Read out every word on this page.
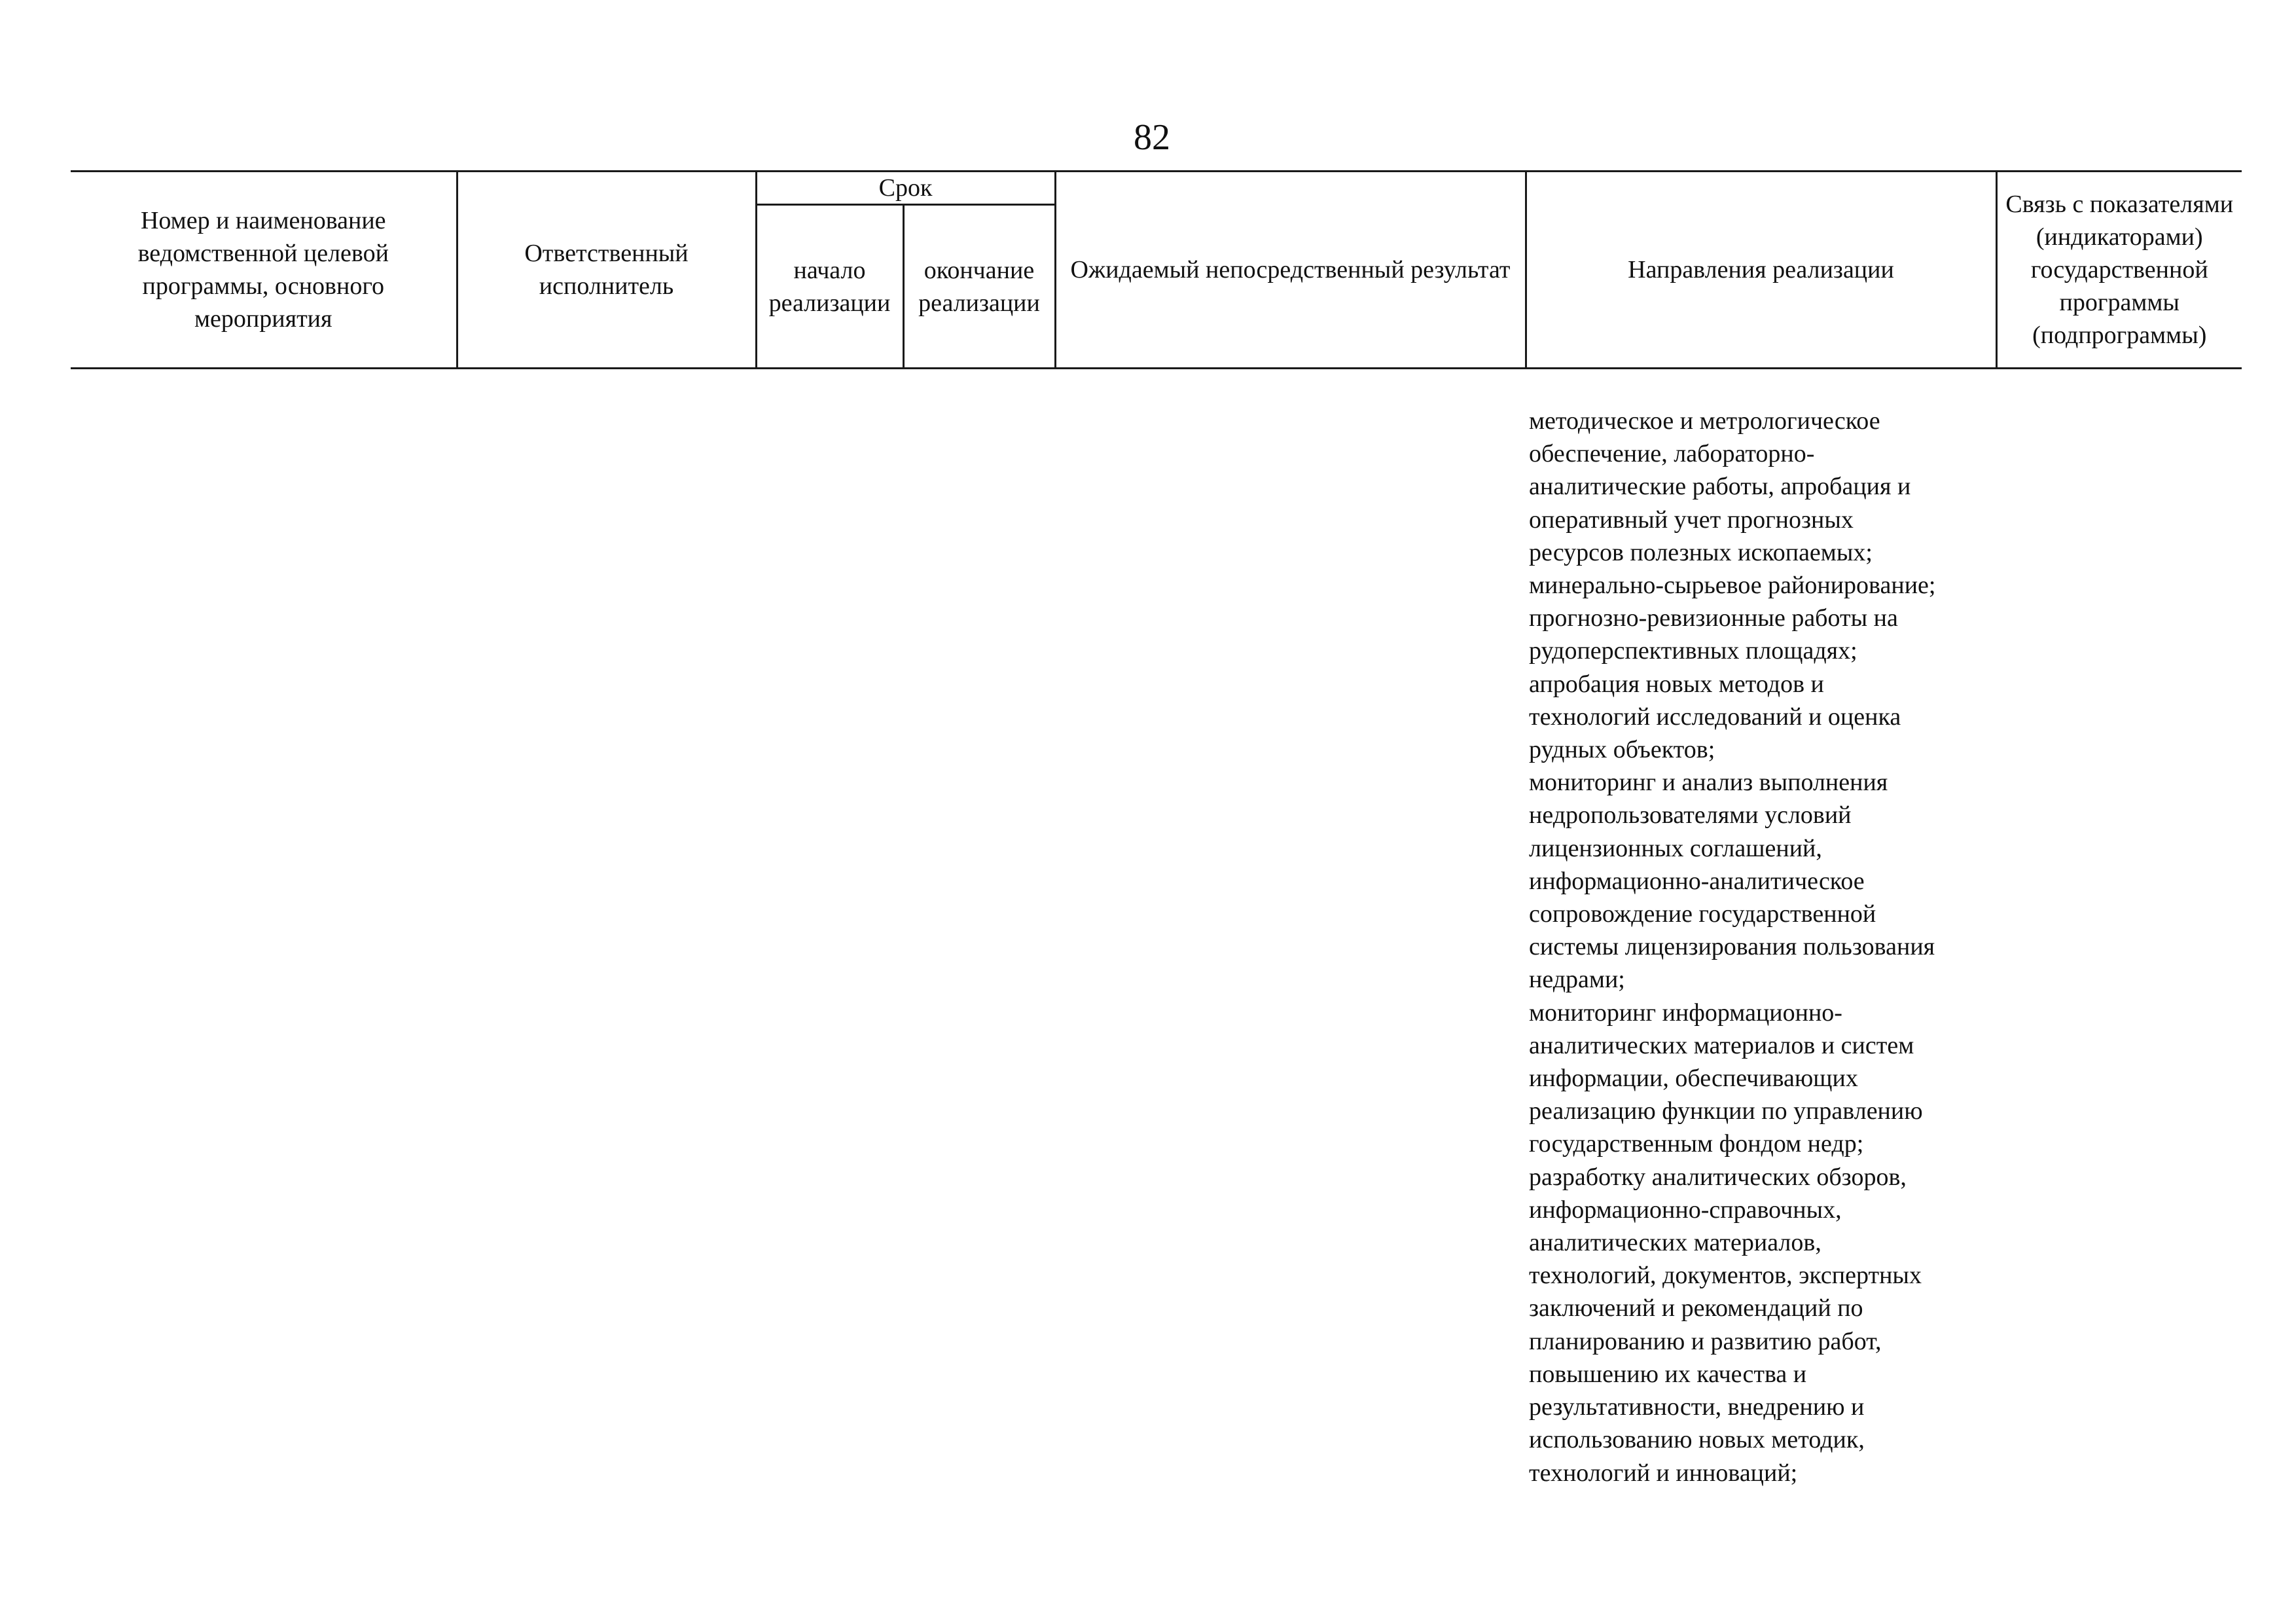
82
Номер и наименование ведомственной целевой программы, основного мероприятия	Ответственный исполнитель	Срок		Ожидаемый непосредственный результат	Направления реализации	Связь с показателями (индикаторами) государственной программы (подпрограммы)
		начало реализации	окончание реализации			
методическое и метрологическое
обеспечение, лабораторно-
аналитические работы, апробация и
оперативный учет прогнозных
ресурсов полезных ископаемых;
минерально-сырьевое районирование;
прогнозно-ревизионные работы на
рудоперспективных площадях;
апробация новых методов и
технологий исследований и оценка
рудных объектов;
мониторинг и анализ выполнения
недропользователями условий
лицензионных соглашений,
информационно-аналитическое
сопровождение государственной
системы лицензирования пользования
недрами;
мониторинг информационно-
аналитических материалов и систем
информации, обеспечивающих
реализацию функции по управлению
государственным фондом недр;
разработку аналитических обзоров,
информационно-справочных,
аналитических материалов,
технологий, документов, экспертных
заключений и рекомендаций по
планированию и развитию работ,
повышению их качества и
результативности, внедрению и
использованию новых методик,
технологий и инноваций;
